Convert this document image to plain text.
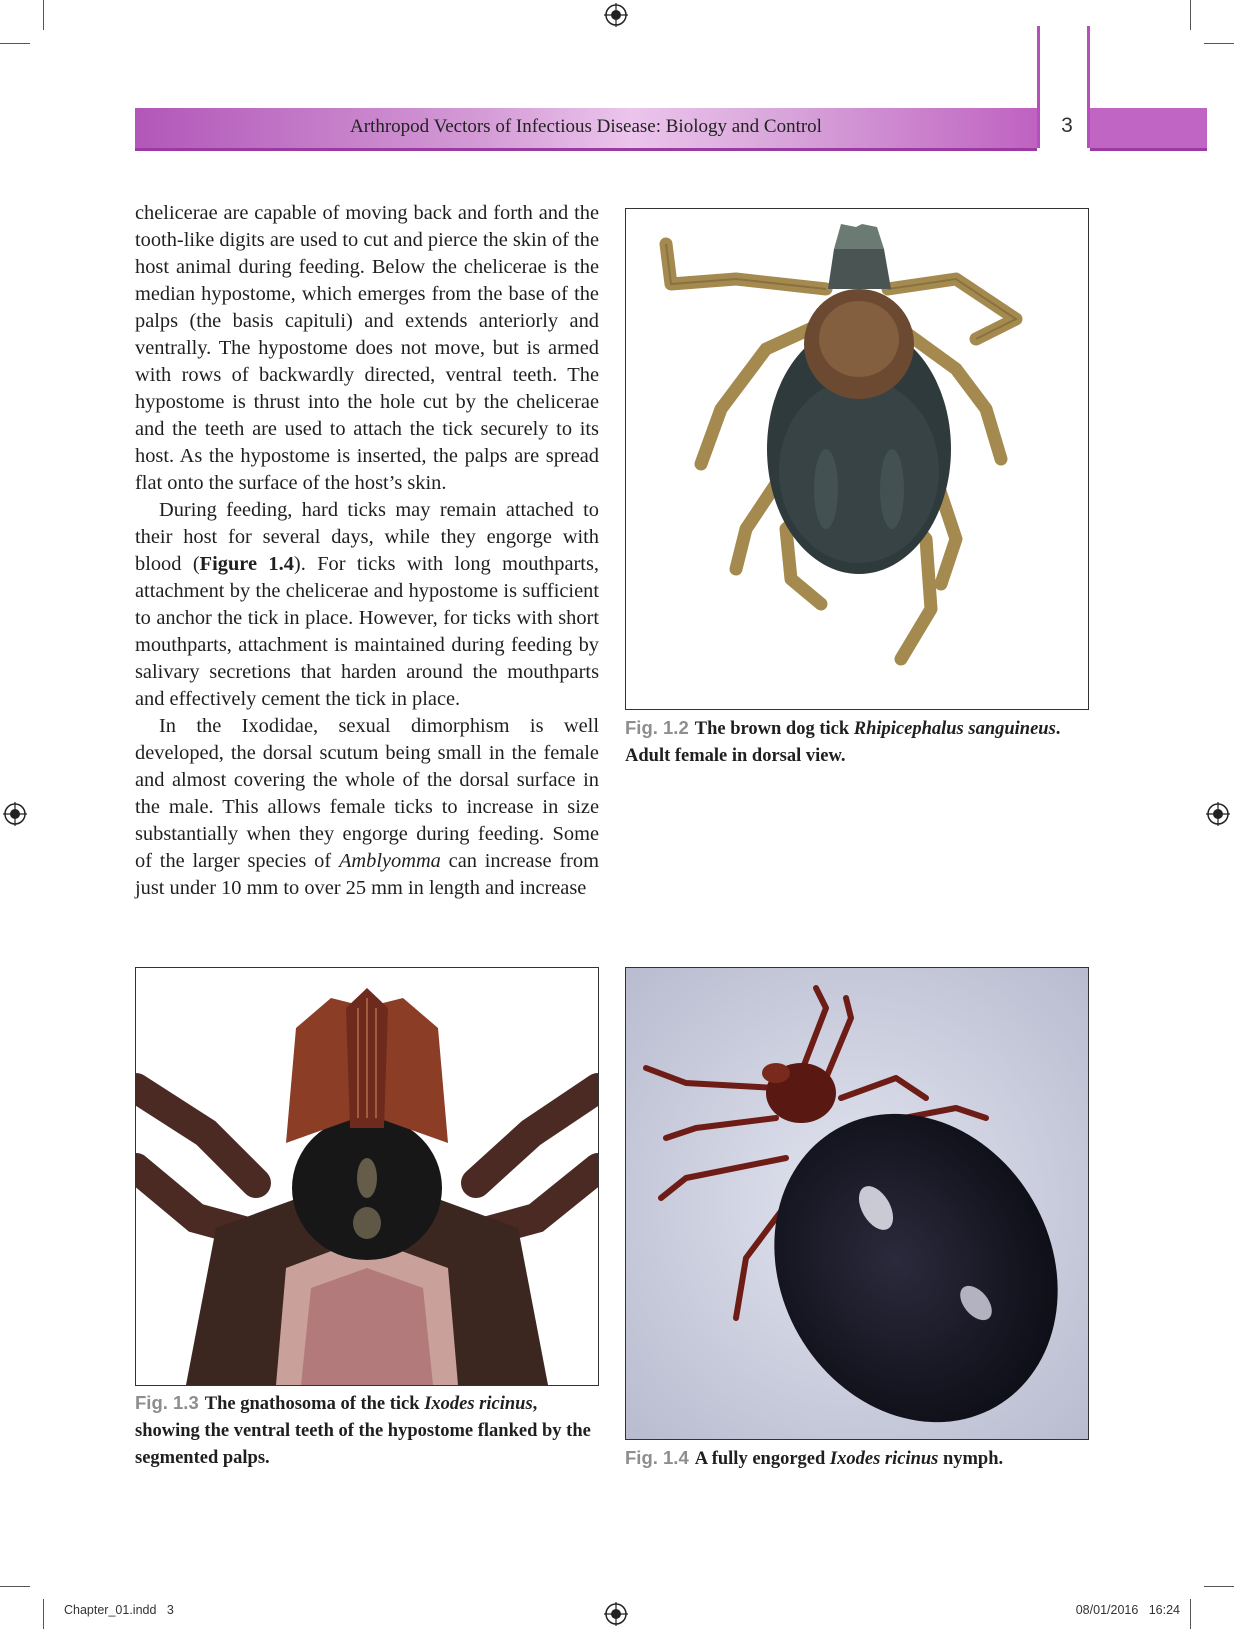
Arthropod Vectors of Infectious Disease: Biology and Control	3

chelicerae are capable of moving back and forth and the tooth-like digits are used to cut and pierce the skin of the host animal during feeding. Below the chelicerae is the median hypostome, which emerges from the base of the palps (the basis capituli) and extends anteriorly and ventrally. The hypostome does not move, but is armed with rows of backwardly directed, ventral teeth. The hypostome is thrust into the hole cut by the chelicerae and the teeth are used to attach the tick securely to its host. As the hypostome is inserted, the palps are spread flat onto the surface of the host’s skin.

During feeding, hard ticks may remain attached to their host for several days, while they engorge with blood (Figure 1.4). For ticks with long mouthparts, attachment by the chelicerae and hypostome is sufficient to anchor the tick in place. However, for ticks with short mouthparts, attachment is maintained during feeding by salivary secretions that harden around the mouthparts and effectively cement the tick in place.

In the Ixodidae, sexual dimorphism is well developed, the dorsal scutum being small in the female and almost covering the whole of the dorsal surface in the male. This allows female ticks to increase in size substantially when they engorge during feeding. Some of the larger species of Amblyomma can increase from just under 10 mm to over 25 mm in length and increase

Fig. 1.2 The brown dog tick Rhipicephalus sanguineus. Adult female in dorsal view.
Fig. 1.3 The gnathosoma of the tick Ixodes ricinus, showing the ventral teeth of the hypostome flanked by the segmented palps.	Fig. 1.4 A fully engorged Ixodes ricinus nymph.
Chapter_01.indd   3	08/01/2016   16:24
